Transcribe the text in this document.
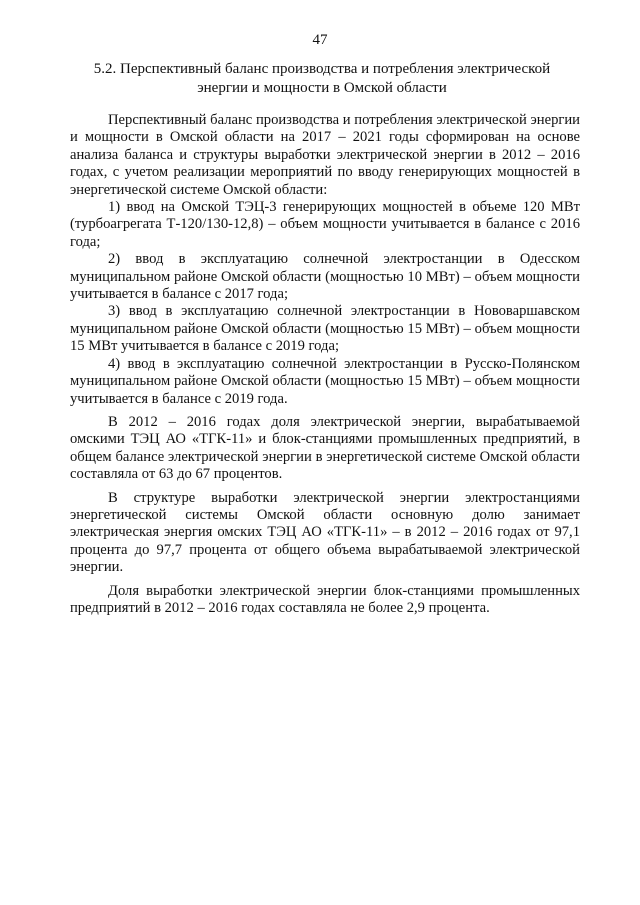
47
5.2. Перспективный баланс производства и потребления электрической энергии и мощности в Омской области

Перспективный баланс производства и потребления электрической энергии и мощности в Омской области на 2017 – 2021 годы сформирован на основе анализа баланса и структуры выработки электрической энергии в 2012 – 2016 годах, с учетом реализации мероприятий по вводу генерирующих мощностей в энергетической системе Омской области:

1) ввод на Омской ТЭЦ-3 генерирующих мощностей в объеме 120 МВт (турбоагрегата Т-120/130-12,8) – объем мощности учитывается в балансе с 2016 года;

2) ввод в эксплуатацию солнечной электростанции в Одесском муниципальном районе Омской области (мощностью 10 МВт) – объем мощности учитывается в балансе с 2017 года;

3) ввод в эксплуатацию солнечной электростанции в Нововаршавском муниципальном районе Омской области (мощностью 15 МВт) – объем мощности 15 МВт учитывается в балансе с 2019 года;

4) ввод в эксплуатацию солнечной электростанции в Русско-Полянском муниципальном районе Омской области (мощностью 15 МВт) – объем мощности учитывается в балансе с 2019 года.

В 2012 – 2016 годах доля электрической энергии, вырабатываемой омскими ТЭЦ АО «ТГК-11» и блок-станциями промышленных предприятий, в общем балансе электрической энергии в энергетической системе Омской области составляла от 63 до 67 процентов.

В структуре выработки электрической энергии электростанциями энергетической системы Омской области основную долю занимает электрическая энергия омских ТЭЦ АО «ТГК-11» – в 2012 – 2016 годах от 97,1 процента до 97,7 процента от общего объема вырабатываемой электрической энергии.

Доля выработки электрической энергии блок-станциями промышленных предприятий в 2012 – 2016 годах составляла не более 2,9 процента.
